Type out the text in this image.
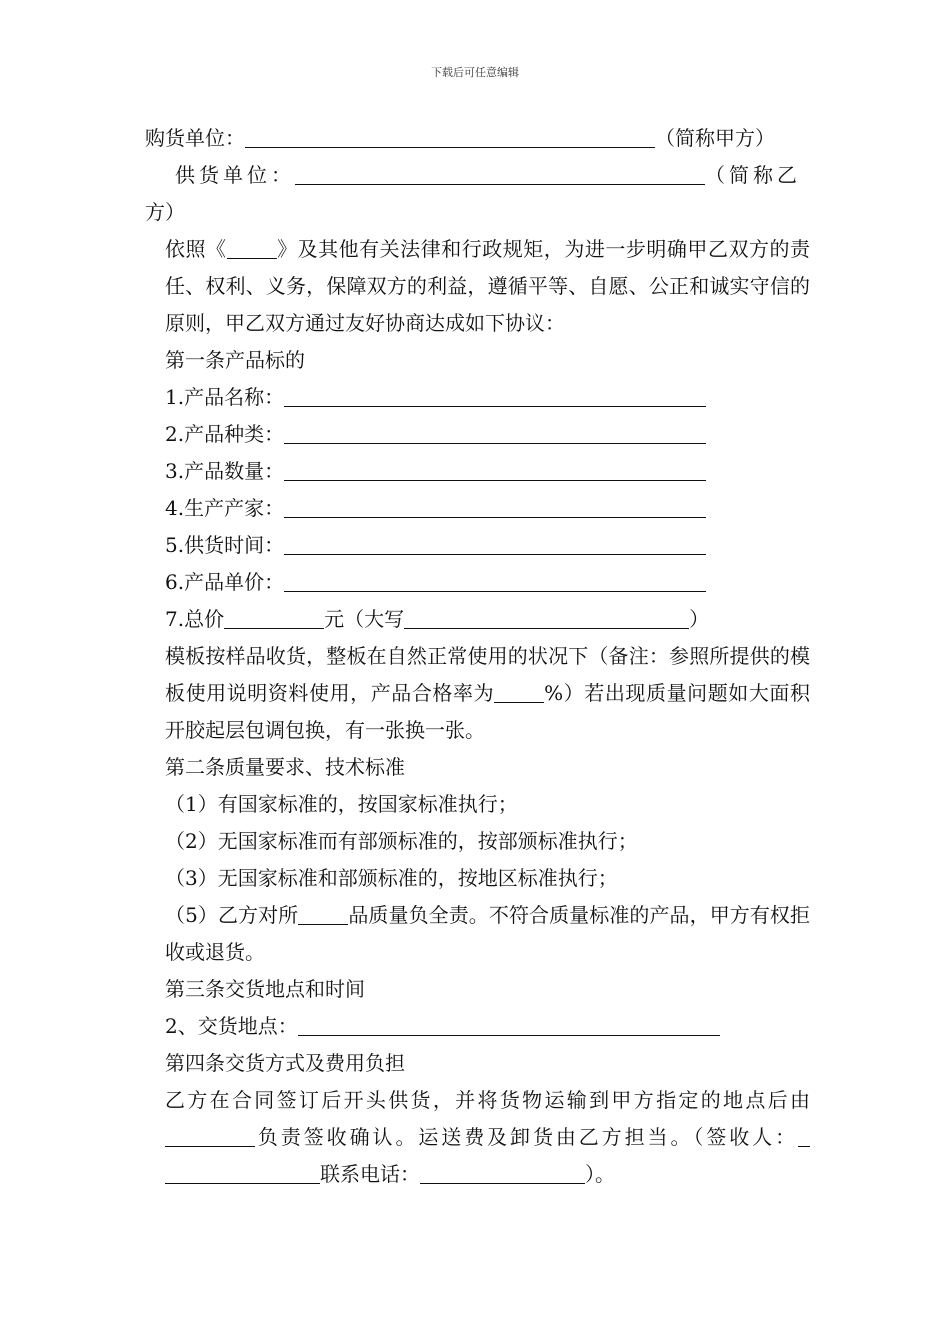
下载后可任意编辑

购货单位：	（简称甲方）

供货单位：	（简称乙

方）

依照《	》及其他有关法律和行政规矩，为进一步明确甲乙双方的责任、权利、义务，保障双方的利益，遵循平等、自愿、公正和诚实守信的原则，甲乙双方通过友好协商达成如下协议：

第一条产品标的

1.产品名称：

2.产品种类：

3.产品数量：

4.生产产家：

5.供货时间：

6.产品单价：

7.总价	元（大写	）

模板按样品收货，整板在自然正常使用的状况下（备注：参照所提供的模板使用说明资料使用，产品合格率为	%）若出现质量问题如大面积开胶起层包调包换，有一张换一张。

第二条质量要求、技术标准

（1）有国家标准的，按国家标准执行；

（2）无国家标准而有部颁标准的，按部颁标准执行；

（3）无国家标准和部颁标准的，按地区标准执行；

（5）乙方对所	品质量负全责。不符合质量标准的产品，甲方有权拒收或退货。

第三条交货地点和时间

2、交货地点：

第四条交货方式及费用负担

乙方在合同签订后开头供货，并将货物运输到甲方指定的地点后由负责签收确认。运送费及卸货由乙方担当。（签收人：联系电话：	）。
